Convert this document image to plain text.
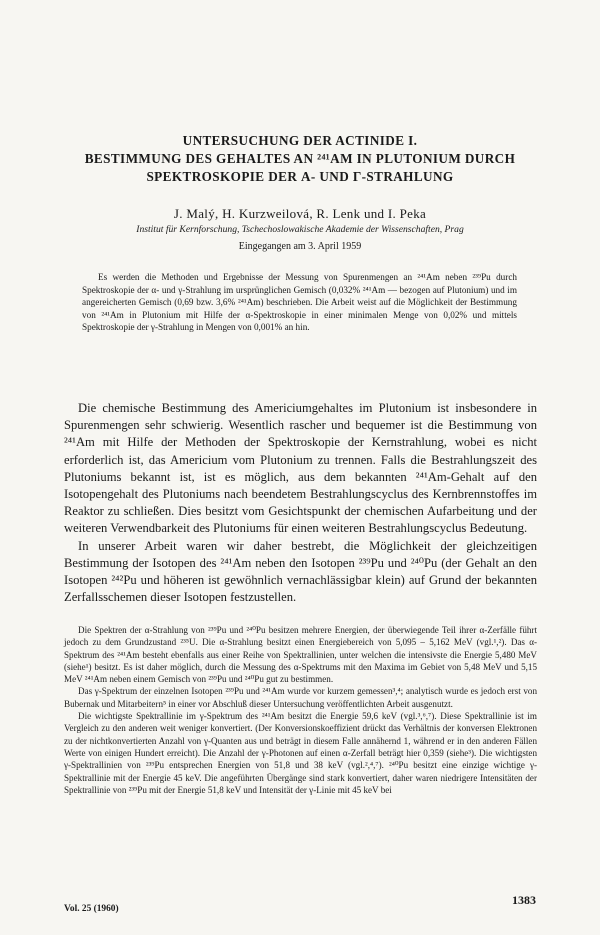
UNTERSUCHUNG DER ACTINIDE I.
BESTIMMUNG DES GEHALTES AN ²⁴¹AM IN PLUTONIUM DURCH
SPEKTROSKOPIE DER Α- UND Γ-STRAHLUNG
J. Malý, H. Kurzweilová, R. Lenk und I. Peka
Institut für Kernforschung, Tschechoslowakische Akademie der Wissenschaften, Prag
Eingegangen am 3. April 1959
Es werden die Methoden und Ergebnisse der Messung von Spurenmengen an ²⁴¹Am neben ²³⁹Pu durch Spektroskopie der α- und γ-Strahlung im ursprünglichen Gemisch (0,032% ²⁴¹Am — bezogen auf Plutonium) und im angereicherten Gemisch (0,69 bzw. 3,6% ²⁴¹Am) beschrieben. Die Arbeit weist auf die Möglichkeit der Bestimmung von ²⁴¹Am in Plutonium mit Hilfe der α-Spektroskopie in einer minimalen Menge von 0,02% und mittels Spektroskopie der γ-Strahlung in Mengen von 0,001% an hin.

Die chemische Bestimmung des Americiumgehaltes im Plutonium ist insbesondere in Spurenmengen sehr schwierig. Wesentlich rascher und bequemer ist die Bestimmung von ²⁴¹Am mit Hilfe der Methoden der Spektroskopie der Kernstrahlung, wobei es nicht erforderlich ist, das Americium vom Plutonium zu trennen. Falls die Bestrahlungszeit des Plutoniums bekannt ist, ist es möglich, aus dem bekannten ²⁴¹Am-Gehalt auf den Isotopengehalt des Plutoniums nach beendetem Bestrahlungscyclus des Kernbrennstoffes im Reaktor zu schließen. Dies besitzt vom Gesichtspunkt der chemischen Aufarbeitung und der weiteren Verwendbarkeit des Plutoniums für einen weiteren Bestrahlungscyclus Bedeutung.

In unserer Arbeit waren wir daher bestrebt, die Möglichkeit der gleichzeitigen Bestimmung der Isotopen des ²⁴¹Am neben den Isotopen ²³⁹Pu und ²⁴⁰Pu (der Gehalt an den Isotopen ²⁴²Pu und höheren ist gewöhnlich vernachlässigbar klein) auf Grund der bekannten Zerfallsschemen dieser Isotopen festzustellen.

Die Spektren der α-Strahlung von ²³⁹Pu und ²⁴⁰Pu besitzen mehrere Energien, der überwiegende Teil ihrer α-Zerfälle führt jedoch zu dem Grundzustand ²³⁵U. Die α-Strahlung besitzt einen Energiebereich von 5,095 – 5,162 MeV (vgl.¹,²). Das α-Spektrum des ²⁴¹Am besteht ebenfalls aus einer Reihe von Spektrallinien, unter welchen die intensivste die Energie 5,480 MeV (siehe¹) besitzt. Es ist daher möglich, durch die Messung des α-Spektrums mit den Maxima im Gebiet von 5,48 MeV und 5,15 MeV ²⁴¹Am neben einem Gemisch von ²³⁹Pu und ²⁴⁰Pu gut zu bestimmen.

Das γ-Spektrum der einzelnen Isotopen ²³⁹Pu und ²⁴¹Am wurde vor kurzem gemessen³,⁴; analytisch wurde es jedoch erst von Bubernak und Mitarbeitern⁵ in einer vor Abschluß dieser Untersuchung veröffentlichten Arbeit ausgenutzt.

Die wichtigste Spektrallinie im γ-Spektrum des ²⁴¹Am besitzt die Energie 59,6 keV (vgl.³,⁶,⁷). Diese Spektrallinie ist im Vergleich zu den anderen weit weniger konvertiert. (Der Konversionskoeffizient drückt das Verhältnis der konversen Elektronen zu der nichtkonvertierten Anzahl von γ-Quanten aus und beträgt in diesem Falle annähernd 1, während er in den anderen Fällen Werte von einigen Hundert erreicht). Die Anzahl der γ-Photonen auf einen α-Zerfall beträgt hier 0,359 (siehe³). Die wichtigsten γ-Spektrallinien von ²³⁹Pu entsprechen Energien von 51,8 und 38 keV (vgl.²,⁴,⁷). ²⁴⁰Pu besitzt eine einzige wichtige γ-Spektrallinie mit der Energie 45 keV. Die angeführten Übergänge sind stark konvertiert, daher waren niedrigere Intensitäten der Spektrallinie von ²³⁹Pu mit der Energie 51,8 keV und Intensität der γ-Linie mit 45 keV bei

Vol. 25 (1960)
1383
